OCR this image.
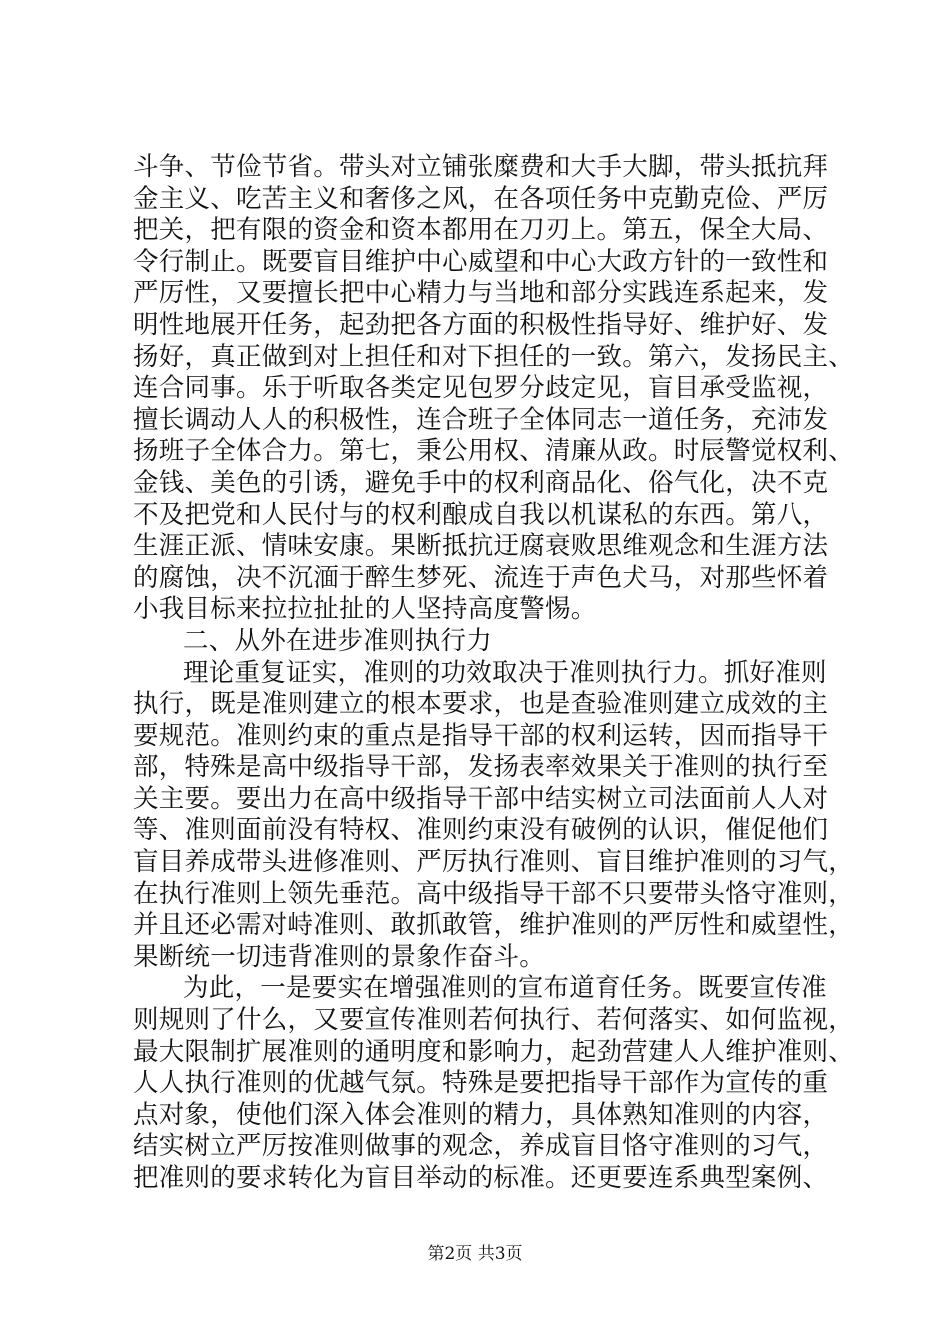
斗争、节俭节省。带头对立铺张糜费和大手大脚，带头抵抗拜
金主义、吃苦主义和奢侈之风，在各项任务中克勤克俭、严厉
把关，把有限的资金和资本都用在刀刃上。第五，保全大局、
令行制止。既要盲目维护中心威望和中心大政方针的一致性和
严厉性，又要擅长把中心精力与当地和部分实践连系起来，发
明性地展开任务，起劲把各方面的积极性指导好、维护好、发
扬好，真正做到对上担任和对下担任的一致。第六，发扬民主、
连合同事。乐于听取各类定见包罗分歧定见，盲目承受监视，
擅长调动人人的积极性，连合班子全体同志一道任务，充沛发
扬班子全体合力。第七，秉公用权、清廉从政。时辰警觉权利、
金钱、美色的引诱，避免手中的权利商品化、俗气化，决不克
不及把党和人民付与的权利酿成自我以机谋私的东西。第八，
生涯正派、情味安康。果断抵抗迂腐衰败思维观念和生涯方法
的腐蚀，决不沉湎于醉生梦死、流连于声色犬马，对那些怀着
小我目标来拉拉扯扯的人坚持高度警惕。
二、从外在进步准则执行力
理论重复证实，准则的功效取决于准则执行力。抓好准则
执行，既是准则建立的根本要求，也是查验准则建立成效的主
要规范。准则约束的重点是指导干部的权利运转，因而指导干
部，特殊是高中级指导干部，发扬表率效果关于准则的执行至
关主要。要出力在高中级指导干部中结实树立司法面前人人对
等、准则面前没有特权、准则约束没有破例的认识，催促他们
盲目养成带头进修准则、严厉执行准则、盲目维护准则的习气，
在执行准则上领先垂范。高中级指导干部不只要带头恪守准则，
并且还必需对峙准则、敢抓敢管，维护准则的严厉性和威望性，
果断统一切违背准则的景象作奋斗。
为此，一是要实在增强准则的宣布道育任务。既要宣传准
则规则了什么，又要宣传准则若何执行、若何落实、如何监视，
最大限制扩展准则的通明度和影响力，起劲营建人人维护准则、
人人执行准则的优越气氛。特殊是要把指导干部作为宣传的重
点对象，使他们深入体会准则的精力，具体熟知准则的内容，
结实树立严厉按准则做事的观念，养成盲目恪守准则的习气，
把准则的要求转化为盲目举动的标准。还更要连系典型案例、
第2页 共3页
